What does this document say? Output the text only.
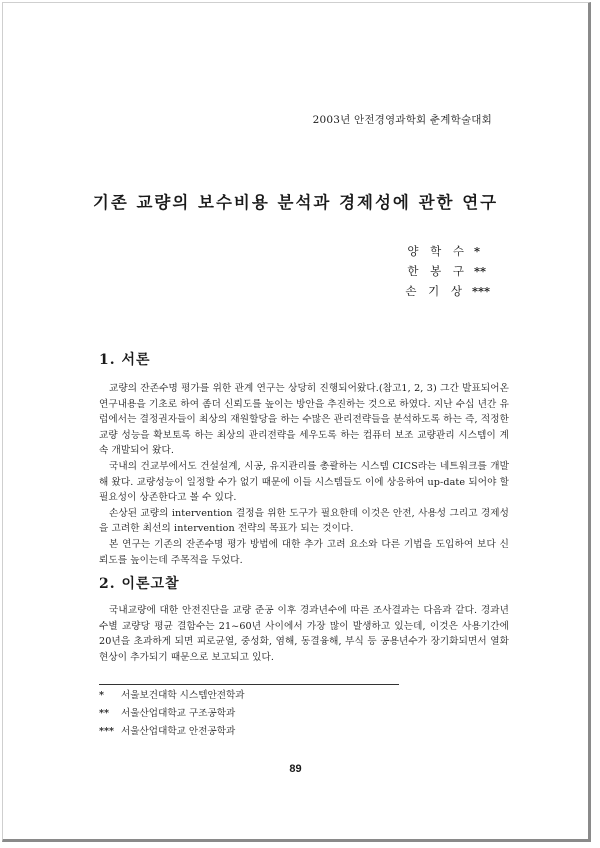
2003년 안전경영과학회 춘계학술대회
기존 교량의 보수비용 분석과 경제성에 관한 연구
양 학 수 *
한 봉 구 **
손 기 상 ***
1. 서론

교량의 잔존수명 평가를 위한 관계 연구는 상당히 진행되어왔다.(참고1, 2, 3) 그간 발표되어온 연구내용을 기초로 하여 좀더 신뢰도를 높이는 방안을 추진하는 것으로 하였다. 지난 수십 년간 유럽에서는 결정권자들이 최상의 재원할당을 하는 수많은 관리전략들을 분석하도록 하는 즉, 적정한 교량 성능을 확보토록 하는 최상의 관리전략을 세우도록 하는 컴퓨터 보조 교량관리 시스템이 계속 개발되어 왔다.

국내의 건교부에서도 건설설계, 시공, 유지관리를 총괄하는 시스템 CICS라는 네트워크를 개발해 왔다. 교량성능이 일정할 수가 없기 때문에 이들 시스템들도 이에 상응하여 up-date 되어야 할 필요성이 상존한다고 볼 수 있다.

손상된 교량의 intervention 결정을 위한 도구가 필요한데 이것은 안전, 사용성 그리고 경제성을 고려한 최선의 intervention 전략의 목표가 되는 것이다.

본 연구는 기존의 잔존수명 평가 방법에 대한 추가 고려 요소와 다른 기법을 도입하여 보다 신뢰도를 높이는데 주목적을 두었다.

2. 이론고찰

국내교량에 대한 안전진단을 교량 준공 이후 경과년수에 따른 조사결과는 다음과 같다. 경과년수별 교량당 평균 결함수는 21~60년 사이에서 가장 많이 발생하고 있는데, 이것은 사용기간에 20년을 초과하게 되면 피로균열, 중성화, 염해, 동결융해, 부식 등 공용년수가 장기화되면서 열화현상이 추가되기 때문으로 보고되고 있다.

*	서울보건대학 시스템안전학과
**	서울산업대학교 구조공학과
*** 서울산업대학교 안전공학과
89
